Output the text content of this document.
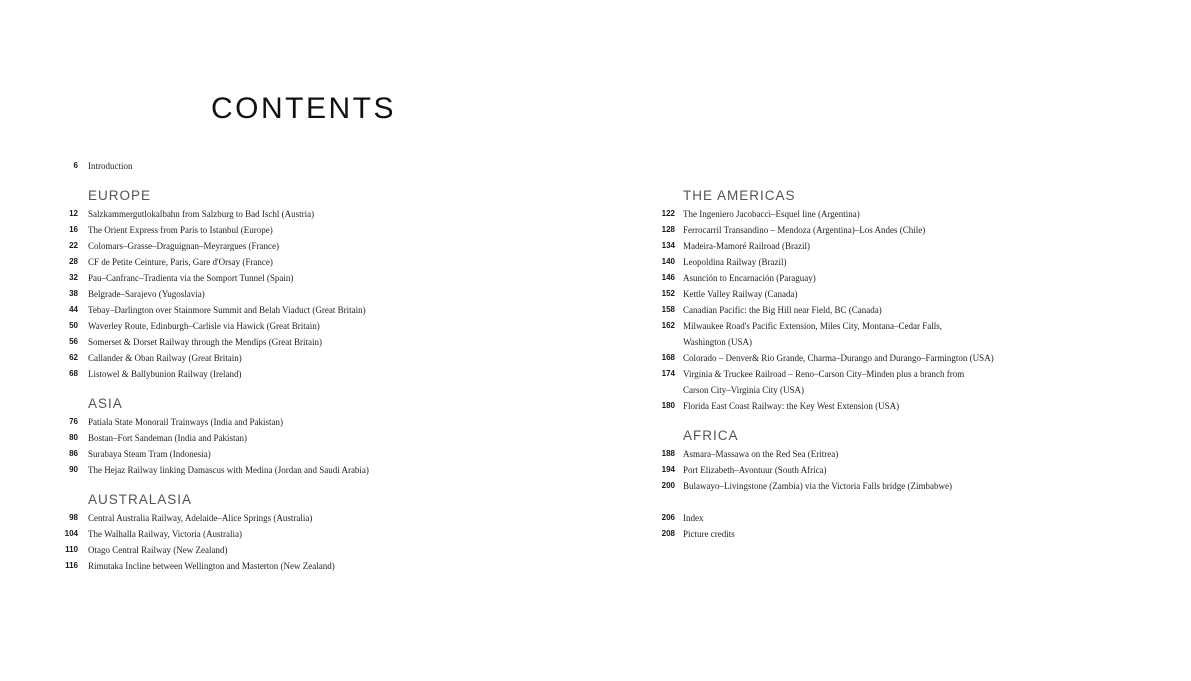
CONTENTS
6 Introduction
EUROPE
12 Salzkammergutlokalbahn from Salzburg to Bad Ischl (Austria)
16 The Orient Express from Paris to Istanbul (Europe)
22 Colomars–Grasse–Draguignan–Meyrargues (France)
28 CF de Petite Ceinture, Paris, Gare d'Orsay (France)
32 Pau–Canfranc–Tradienta via the Somport Tunnel (Spain)
38 Belgrade–Sarajevo (Yugoslavia)
44 Tebay–Darlington over Stainmore Summit and Belah Viaduct (Great Britain)
50 Waverley Route, Edinburgh–Carlisle via Hawick (Great Britain)
56 Somerset & Dorset Railway through the Mendips (Great Britain)
62 Callander & Oban Railway (Great Britain)
68 Listowel & Ballybunion Railway (Ireland)
ASIA
76 Patiala State Monorail Trainways (India and Pakistan)
80 Bostan–Fort Sandeman (India and Pakistan)
86 Surabaya Steam Tram (Indonesia)
90 The Hejaz Railway linking Damascus with Medina (Jordan and Saudi Arabia)
AUSTRALASIA
98 Central Australia Railway, Adelaide–Alice Springs (Australia)
104 The Walhalla Railway, Victoria (Australia)
110 Otago Central Railway (New Zealand)
116 Rimutaka Incline between Wellington and Masterton (New Zealand)
THE AMERICAS
122 The Ingeniero Jacobacci–Esquel line (Argentina)
128 Ferrocarril Transandino – Mendoza (Argentina)–Los Andes (Chile)
134 Madeira-Mamoré Railroad (Brazil)
140 Leopoldina Railway (Brazil)
146 Asunción to Encarnación (Paraguay)
152 Kettle Valley Railway (Canada)
158 Canadian Pacific: the Big Hill near Field, BC (Canada)
162 Milwaukee Road's Pacific Extension, Miles City, Montana–Cedar Falls,
Washington (USA)
168 Colorado – Denver& Rio Grande, Charma–Durango and Durango–Farmington (USA)
174 Virginia & Truckee Railroad – Reno–Carson City–Minden plus a branch from
Carson City–Virginia City (USA)
180 Florida East Coast Railway: the Key West Extension (USA)
AFRICA
188 Asmara–Massawa on the Red Sea (Eritrea)
194 Port Elizabeth–Avontuur (South Africa)
200 Bulawayo–Livingstone (Zambia) via the Victoria Falls bridge (Zimbabwe)
206 Index
208 Picture credits
